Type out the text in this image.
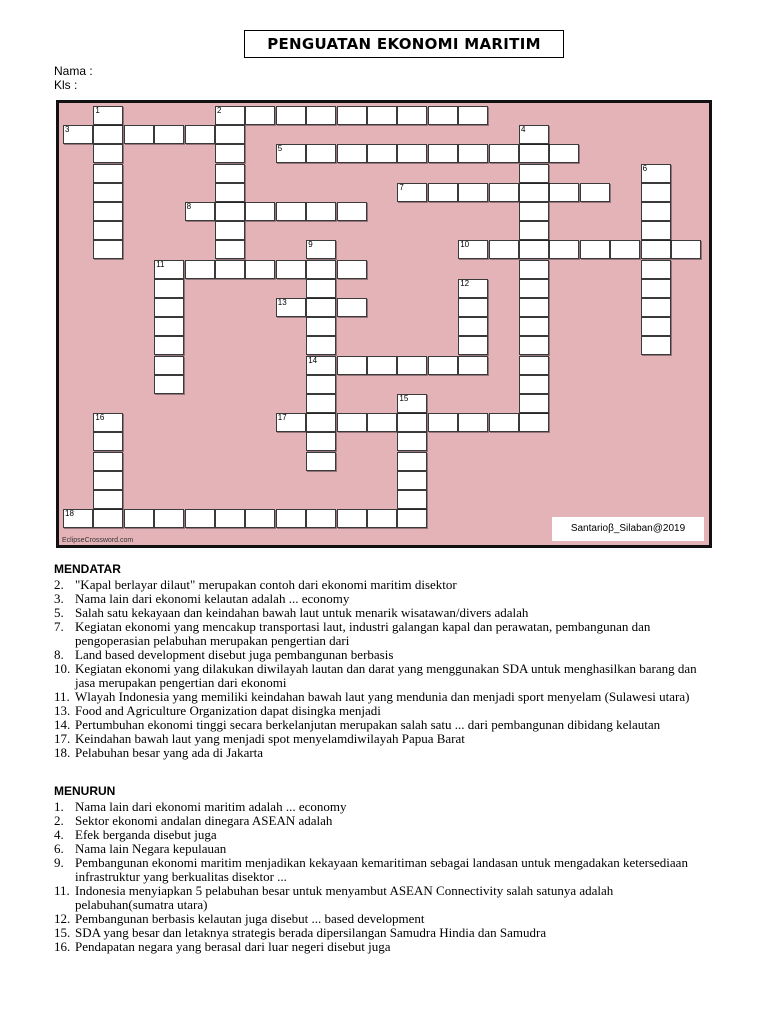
PENGUATAN EKONOMI MARITIM
Nama :
Kls :
2
3
5
7
8
10
11
13
14
17
18
1
4
6
9
12
15
16
Santarioβ_Silaban@2019
EclipseCrossword.com
MENDATAR
2. "Kapal berlayar dilaut" merupakan contoh dari ekonomi maritim disektor
3. Nama lain dari ekonomi kelautan adalah ... economy
5. Salah satu kekayaan dan keindahan bawah laut untuk menarik wisatawan/divers adalah
7. Kegiatan ekonomi yang mencakup transportasi laut, industri galangan kapal dan perawatan, pembangunan dan pengoperasian pelabuhan merupakan pengertian dari
8. Land based development disebut juga pembangunan berbasis
10. Kegiatan ekonomi yang dilakukan diwilayah lautan dan darat yang menggunakan SDA untuk menghasilkan barang dan jasa merupakan pengertian dari ekonomi
11. Wlayah Indonesia yang memiliki keindahan bawah laut yang mendunia dan menjadi sport menyelam (Sulawesi utara)
13. Food and Agriculture Organization dapat disingka menjadi
14. Pertumbuhan ekonomi tinggi secara berkelanjutan merupakan salah satu ... dari pembangunan dibidang kelautan
17. Keindahan bawah laut yang menjadi spot menyelamdiwilayah Papua Barat
18. Pelabuhan besar yang ada di Jakarta
MENURUN
1. Nama lain dari ekonomi maritim adalah ... economy
2. Sektor ekonomi andalan dinegara ASEAN adalah
4. Efek berganda disebut juga
6. Nama lain Negara kepulauan
9. Pembangunan ekonomi maritim menjadikan kekayaan kemaritiman sebagai landasan untuk mengadakan ketersediaan infrastruktur yang berkualitas disektor ...
11. Indonesia menyiapkan 5 pelabuhan besar untuk menyambut ASEAN Connectivity salah satunya adalah pelabuhan(sumatra utara)
12. Pembangunan berbasis kelautan juga disebut ... based development
15. SDA yang besar dan letaknya strategis berada dipersilangan Samudra Hindia dan Samudra
16. Pendapatan negara yang berasal dari luar negeri disebut juga
